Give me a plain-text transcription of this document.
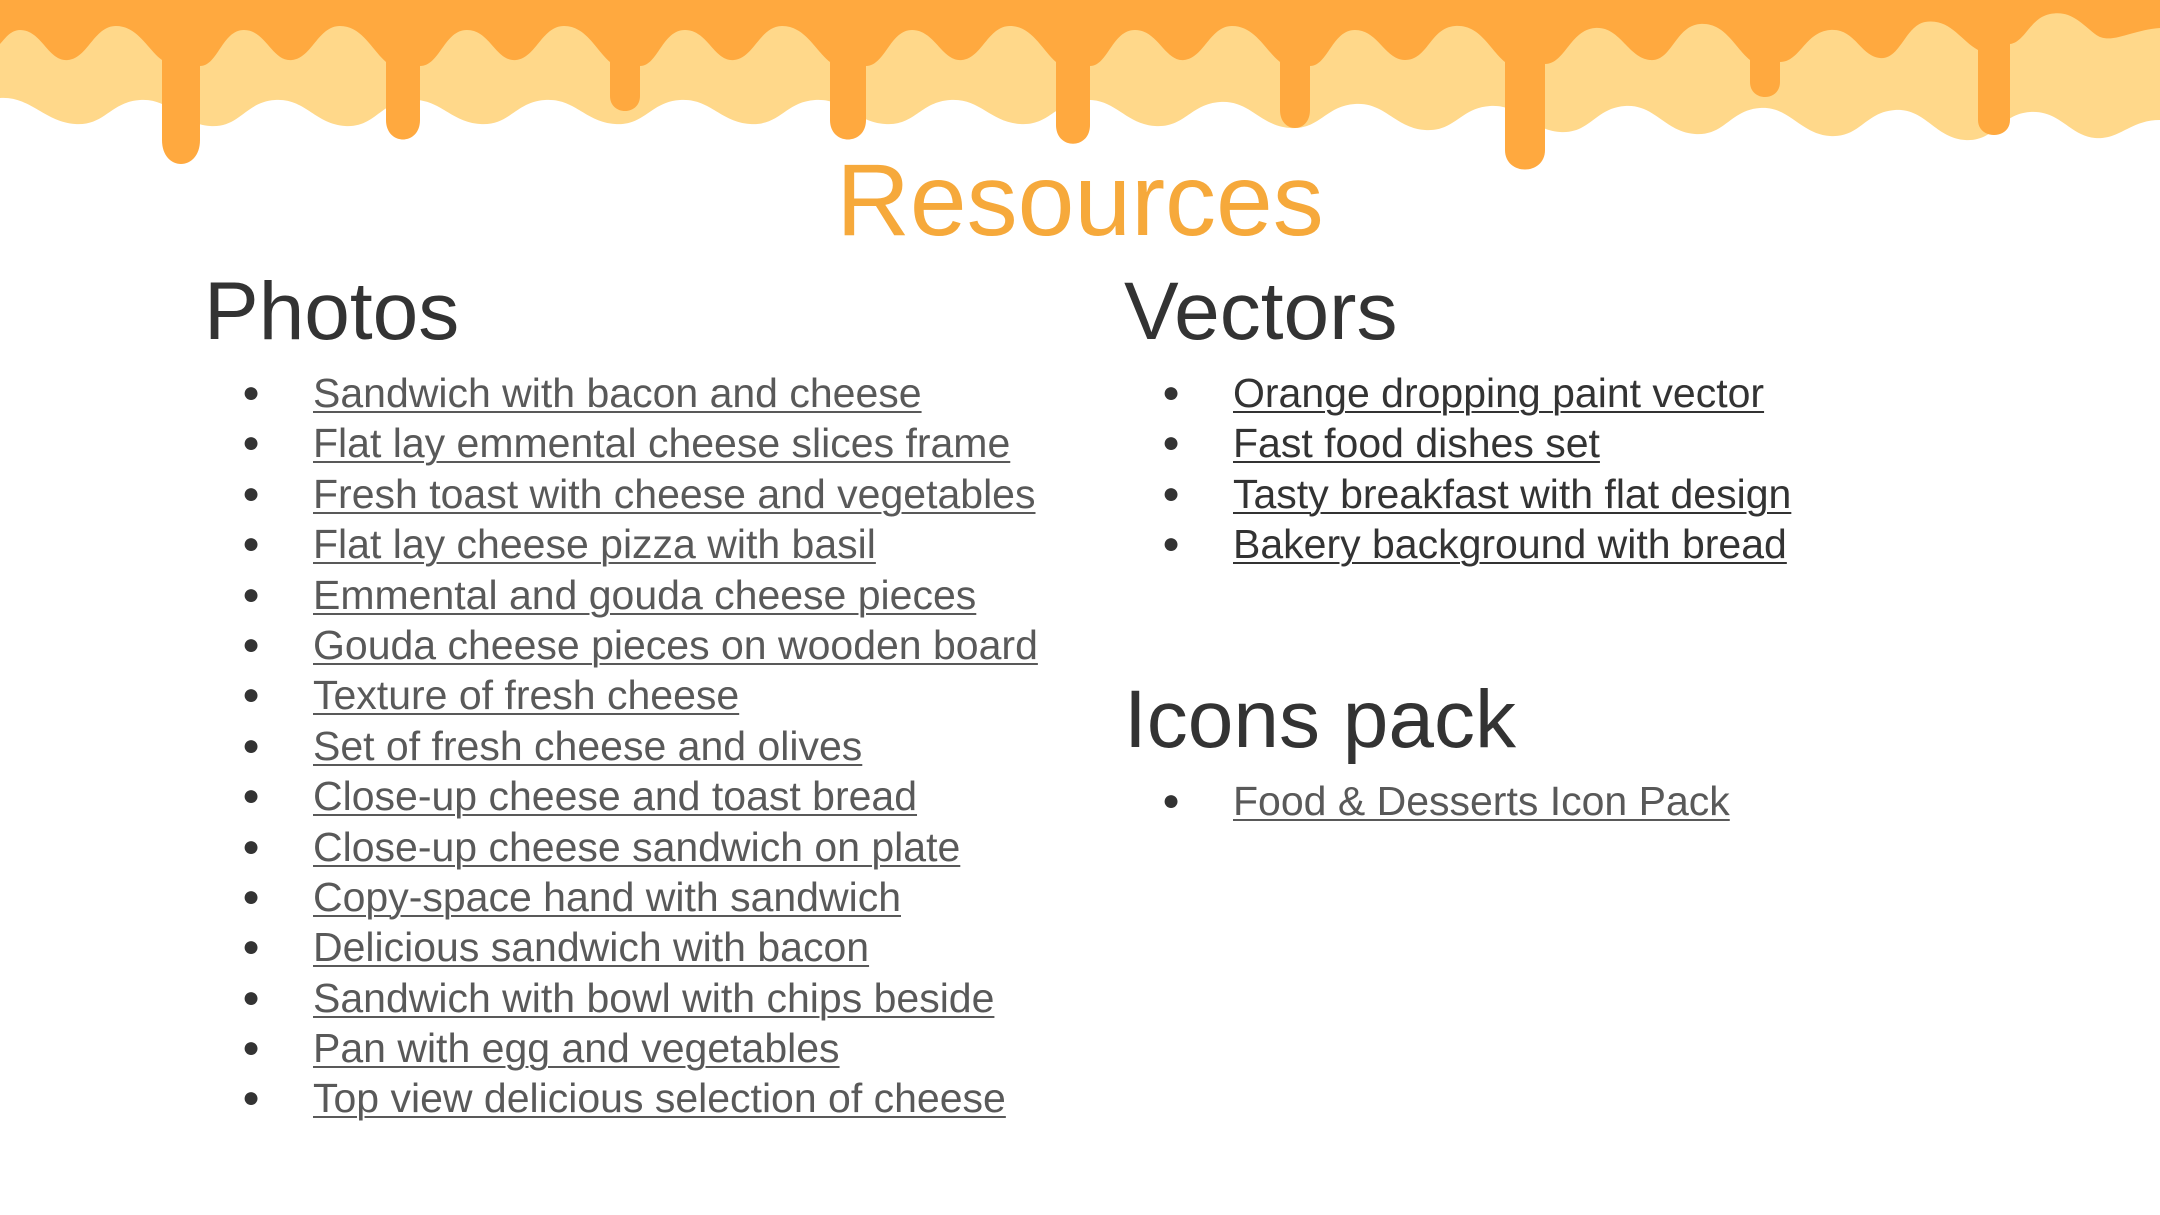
Resources
Photos
● Sandwich with bacon and cheese
● Flat lay emmental cheese slices frame
● Fresh toast with cheese and vegetables
● Flat lay cheese pizza with basil
● Emmental and gouda cheese pieces
● Gouda cheese pieces on wooden board
● Texture of fresh cheese
● Set of fresh cheese and olives
● Close-up cheese and toast bread
● Close-up cheese sandwich on plate
● Copy-space hand with sandwich
● Delicious sandwich with bacon
● Sandwich with bowl with chips beside
● Pan with egg and vegetables
● Top view delicious selection of cheese
Vectors
● Orange dropping paint vector
● Fast food dishes set
● Tasty breakfast with flat design
● Bakery background with bread
Icons pack
● Food & Desserts Icon Pack
